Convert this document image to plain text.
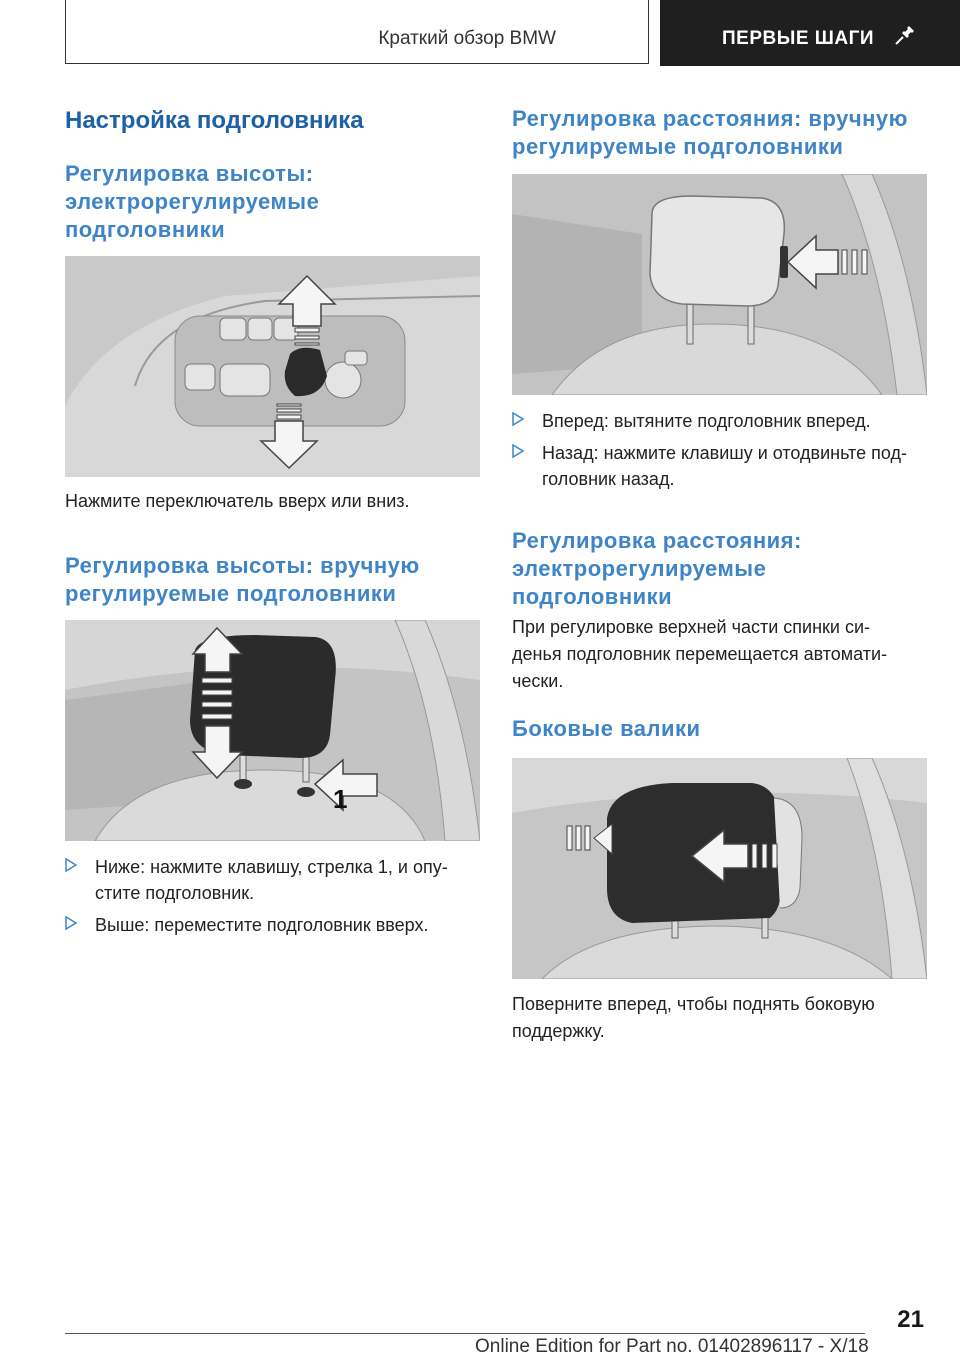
Краткий обзор BMW	ПЕРВЫЕ ШАГИ
Настройка подголовника
Регулировка высоты:
электрорегулируемые
подголовники
Нажмите переключатель вверх или вниз.
Регулировка высоты: вручную
регулируемые подголовники
1
Ниже: нажмите клавишу, стрелка 1, и опу-
стите подголовник.
Выше: переместите подголовник вверх.
Регулировка расстояния: вручную
регулируемые подголовники
Вперед: вытяните подголовник вперед.
Назад: нажмите клавишу и отодвиньте под-
головник назад.
Регулировка расстояния:
электрорегулируемые
подголовники
При регулировке верхней части спинки си-
денья подголовник перемещается автомати-
чески.
Боковые валики
Поверните вперед, чтобы поднять боковую
поддержку.
21
Online Edition for Part no. 01402896117 - X/18
